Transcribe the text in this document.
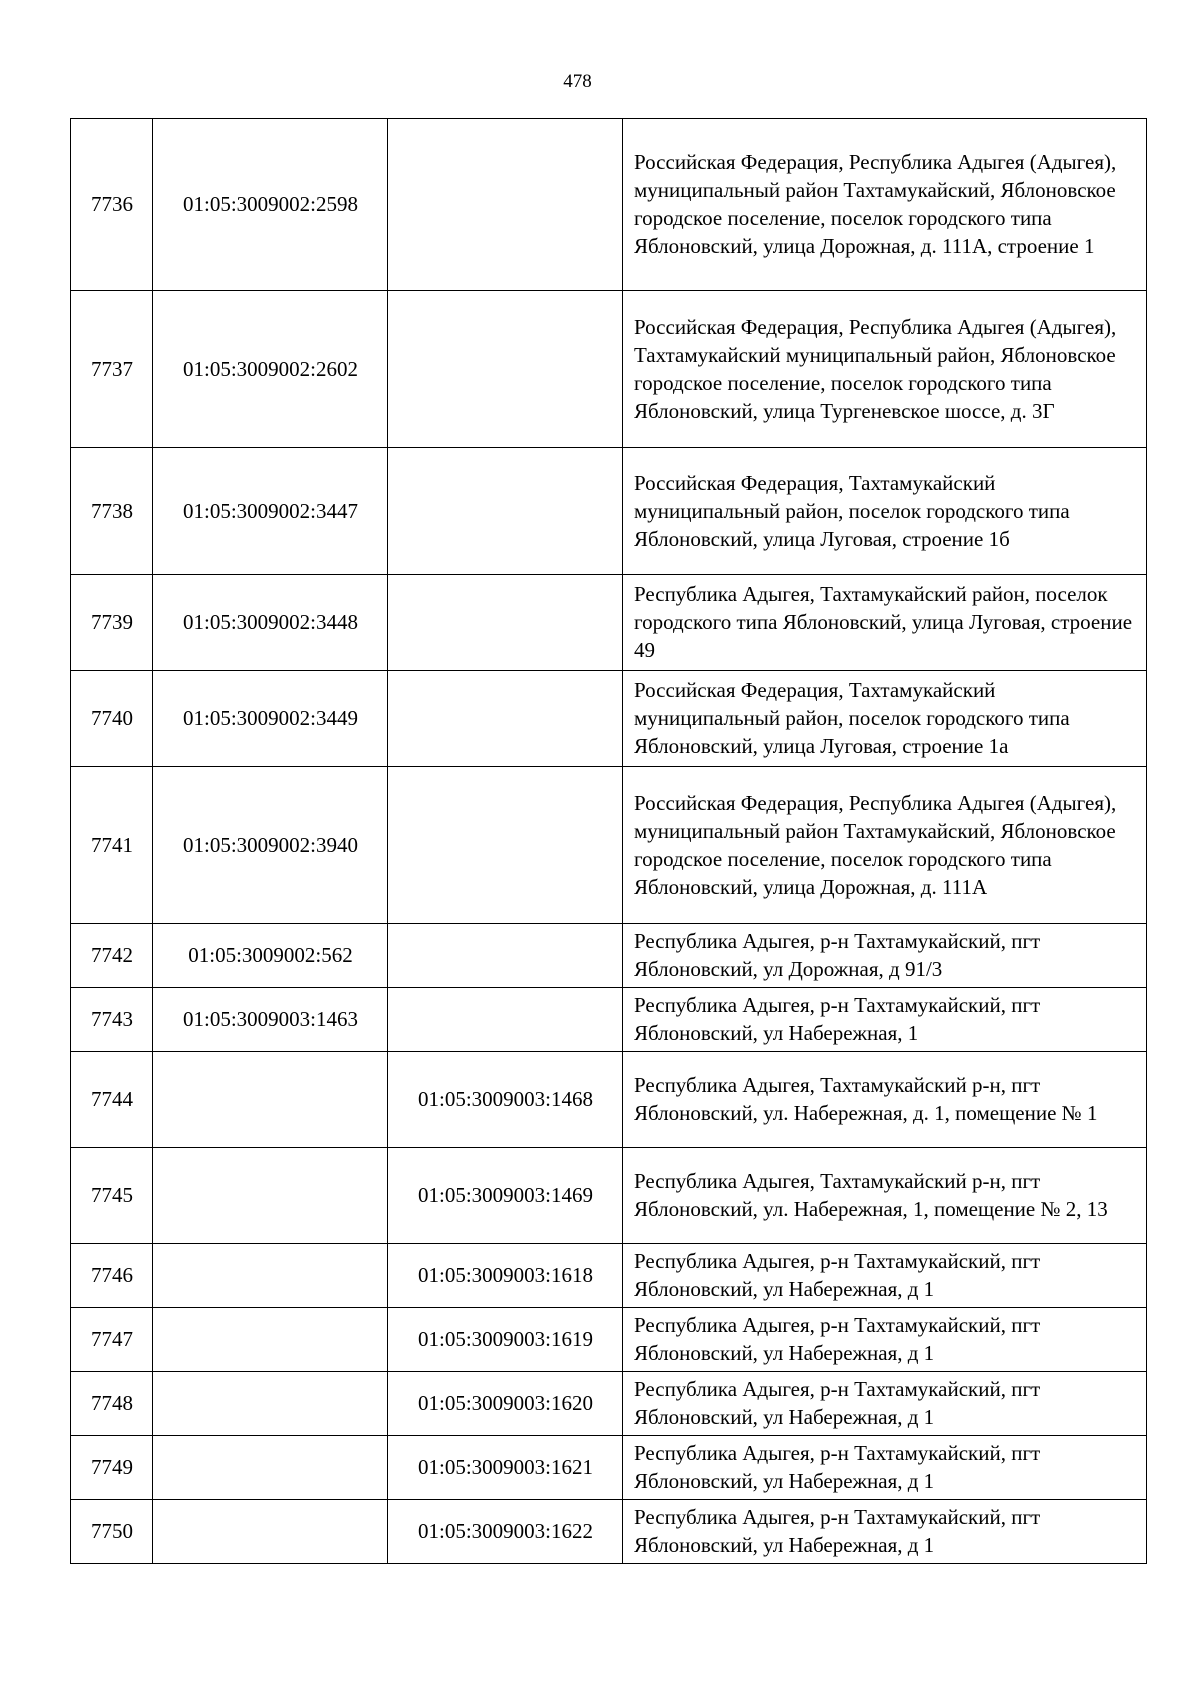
478
7736	01:05:3009002:2598		Российская Федерация, Республика Адыгея (Адыгея), муниципальный район Тахтамукайский, Яблоновское городское поселение, поселок городского типа Яблоновский, улица Дорожная, д. 111А, строение 1
7737	01:05:3009002:2602		Российская Федерация, Республика Адыгея (Адыгея), Тахтамукайский муниципальный район, Яблоновское городское поселение, поселок городского типа Яблоновский, улица Тургеневское шоссе, д. 3Г
7738	01:05:3009002:3447		Российская Федерация, Тахтамукайский муниципальный район, поселок городского типа Яблоновский, улица Луговая, строение 1б
7739	01:05:3009002:3448		Республика Адыгея, Тахтамукайский район, поселок городского типа Яблоновский, улица Луговая, строение 49
7740	01:05:3009002:3449		Российская Федерация, Тахтамукайский муниципальный район, поселок городского типа Яблоновский, улица Луговая, строение 1а
7741	01:05:3009002:3940		Российская Федерация, Республика Адыгея (Адыгея), муниципальный район Тахтамукайский, Яблоновское городское поселение, поселок городского типа Яблоновский, улица Дорожная, д. 111А
7742	01:05:3009002:562		Республика Адыгея, р-н Тахтамукайский, пгт Яблоновский, ул Дорожная, д 91/3
7743	01:05:3009003:1463		Республика Адыгея, р-н Тахтамукайский, пгт Яблоновский, ул Набережная, 1
7744		01:05:3009003:1468	Республика Адыгея, Тахтамукайский р-н, пгт Яблоновский, ул. Набережная, д. 1, помещение № 1
7745		01:05:3009003:1469	Республика Адыгея, Тахтамукайский р-н, пгт Яблоновский, ул. Набережная, 1, помещение № 2, 13
7746		01:05:3009003:1618	Республика Адыгея, р-н Тахтамукайский, пгт Яблоновский, ул Набережная, д 1
7747		01:05:3009003:1619	Республика Адыгея, р-н Тахтамукайский, пгт Яблоновский, ул Набережная, д 1
7748		01:05:3009003:1620	Республика Адыгея, р-н Тахтамукайский, пгт Яблоновский, ул Набережная, д 1
7749		01:05:3009003:1621	Республика Адыгея, р-н Тахтамукайский, пгт Яблоновский, ул Набережная, д 1
7750		01:05:3009003:1622	Республика Адыгея, р-н Тахтамукайский, пгт Яблоновский, ул Набережная, д 1
